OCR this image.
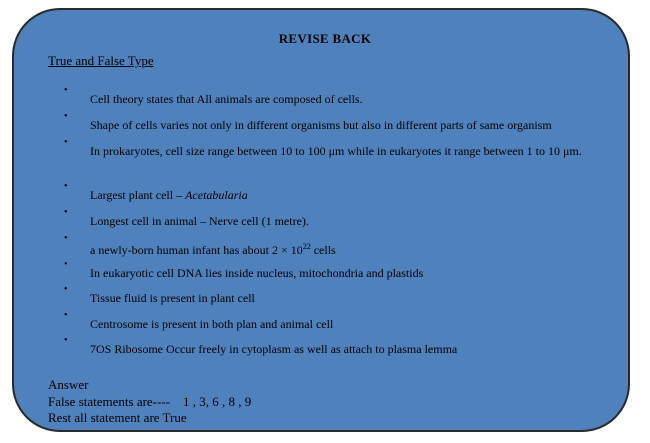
REVISE BACK
True and False Type
•
Cell theory states that All animals are composed of cells.
•
Shape of cells varies not only in different organisms but also in different parts of same organism
•
In prokaryotes, cell size range between 10 to 100 μm while in eukaryotes it range between 1 to 10 μm.
•
Largest plant cell – Acetabularia
•
Longest cell in animal – Nerve cell (1 metre).
•
a newly-born human infant has about $2 \times 10^{22}$ cells
•
In eukaryotic cell DNA lies inside nucleus, mitochondria and plastids
•
Tissue fluid is present in plant cell
•
Centrosome is present in both plan and animal cell
•
7OS Ribosome Occur freely in cytoplasm as well as attach to plasma lemma
Answer
False statements are----    1 , 3, 6 , 8 , 9
Rest all statement are True
